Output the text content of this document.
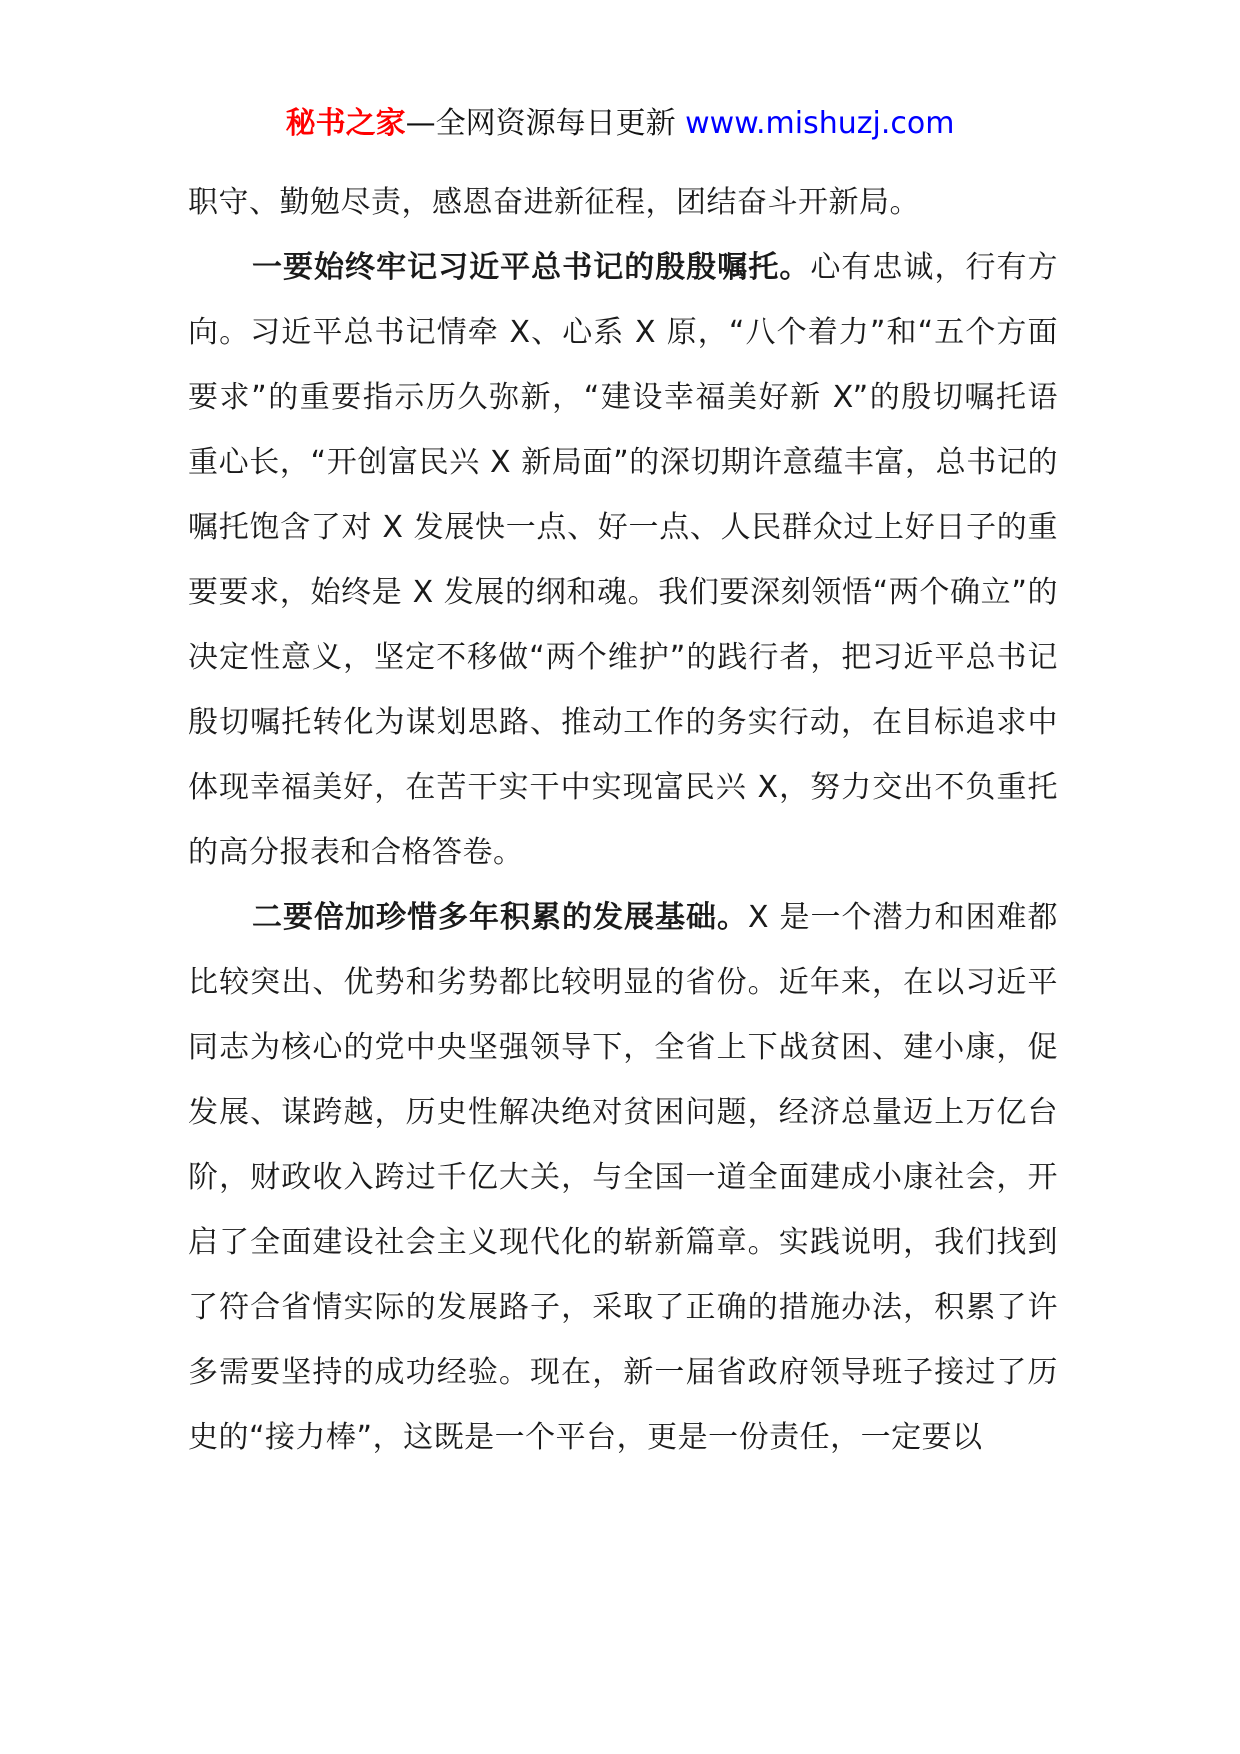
秘书之家—全网资源每日更新 www.mishuzj.com

职守、勤勉尽责，感恩奋进新征程，团结奋斗开新局。

一要始终牢记习近平总书记的殷殷嘱托。心有忠诚，行有方向。习近平总书记情牵 X、心系 X 原，“八个着力”和“五个方面要求”的重要指示历久弥新，“建设幸福美好新 X”的殷切嘱托语重心长，“开创富民兴 X 新局面”的深切期许意蕴丰富，总书记的嘱托饱含了对 X 发展快一点、好一点、人民群众过上好日子的重要要求，始终是 X 发展的纲和魂。我们要深刻领悟“两个确立”的决定性意义，坚定不移做“两个维护”的践行者，把习近平总书记殷切嘱托转化为谋划思路、推动工作的务实行动，在目标追求中体现幸福美好，在苦干实干中实现富民兴 X，努力交出不负重托的高分报表和合格答卷。

二要倍加珍惜多年积累的发展基础。X 是一个潜力和困难都比较突出、优势和劣势都比较明显的省份。近年来，在以习近平同志为核心的党中央坚强领导下，全省上下战贫困、建小康，促发展、谋跨越，历史性解决绝对贫困问题，经济总量迈上万亿台阶，财政收入跨过千亿大关，与全国一道全面建成小康社会，开启了全面建设社会主义现代化的崭新篇章。实践说明，我们找到了符合省情实际的发展路子，采取了正确的措施办法，积累了许多需要坚持的成功经验。现在，新一届省政府领导班子接过了历史的“接力棒”，这既是一个平台，更是一份责任，一定要以
